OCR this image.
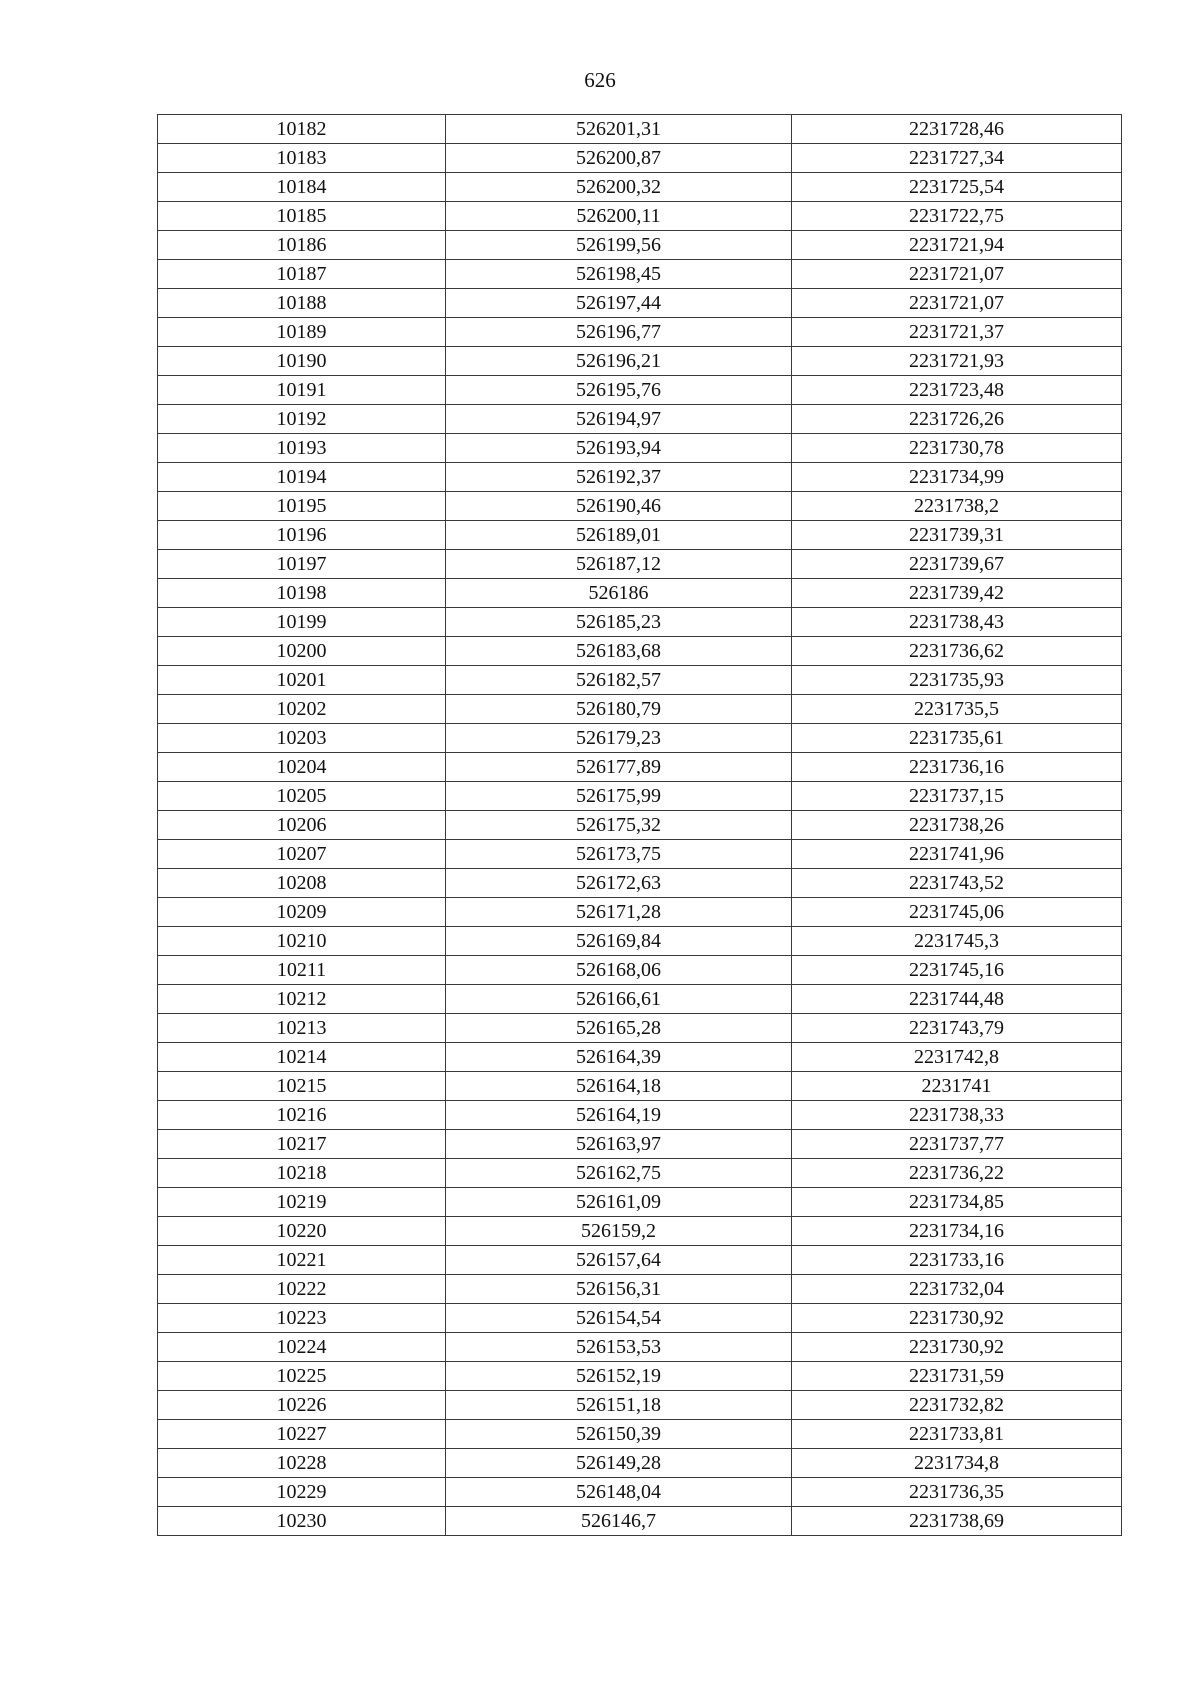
626
10182	526201,31	2231728,46
10183	526200,87	2231727,34
10184	526200,32	2231725,54
10185	526200,11	2231722,75
10186	526199,56	2231721,94
10187	526198,45	2231721,07
10188	526197,44	2231721,07
10189	526196,77	2231721,37
10190	526196,21	2231721,93
10191	526195,76	2231723,48
10192	526194,97	2231726,26
10193	526193,94	2231730,78
10194	526192,37	2231734,99
10195	526190,46	2231738,2
10196	526189,01	2231739,31
10197	526187,12	2231739,67
10198	526186	2231739,42
10199	526185,23	2231738,43
10200	526183,68	2231736,62
10201	526182,57	2231735,93
10202	526180,79	2231735,5
10203	526179,23	2231735,61
10204	526177,89	2231736,16
10205	526175,99	2231737,15
10206	526175,32	2231738,26
10207	526173,75	2231741,96
10208	526172,63	2231743,52
10209	526171,28	2231745,06
10210	526169,84	2231745,3
10211	526168,06	2231745,16
10212	526166,61	2231744,48
10213	526165,28	2231743,79
10214	526164,39	2231742,8
10215	526164,18	2231741
10216	526164,19	2231738,33
10217	526163,97	2231737,77
10218	526162,75	2231736,22
10219	526161,09	2231734,85
10220	526159,2	2231734,16
10221	526157,64	2231733,16
10222	526156,31	2231732,04
10223	526154,54	2231730,92
10224	526153,53	2231730,92
10225	526152,19	2231731,59
10226	526151,18	2231732,82
10227	526150,39	2231733,81
10228	526149,28	2231734,8
10229	526148,04	2231736,35
10230	526146,7	2231738,69
